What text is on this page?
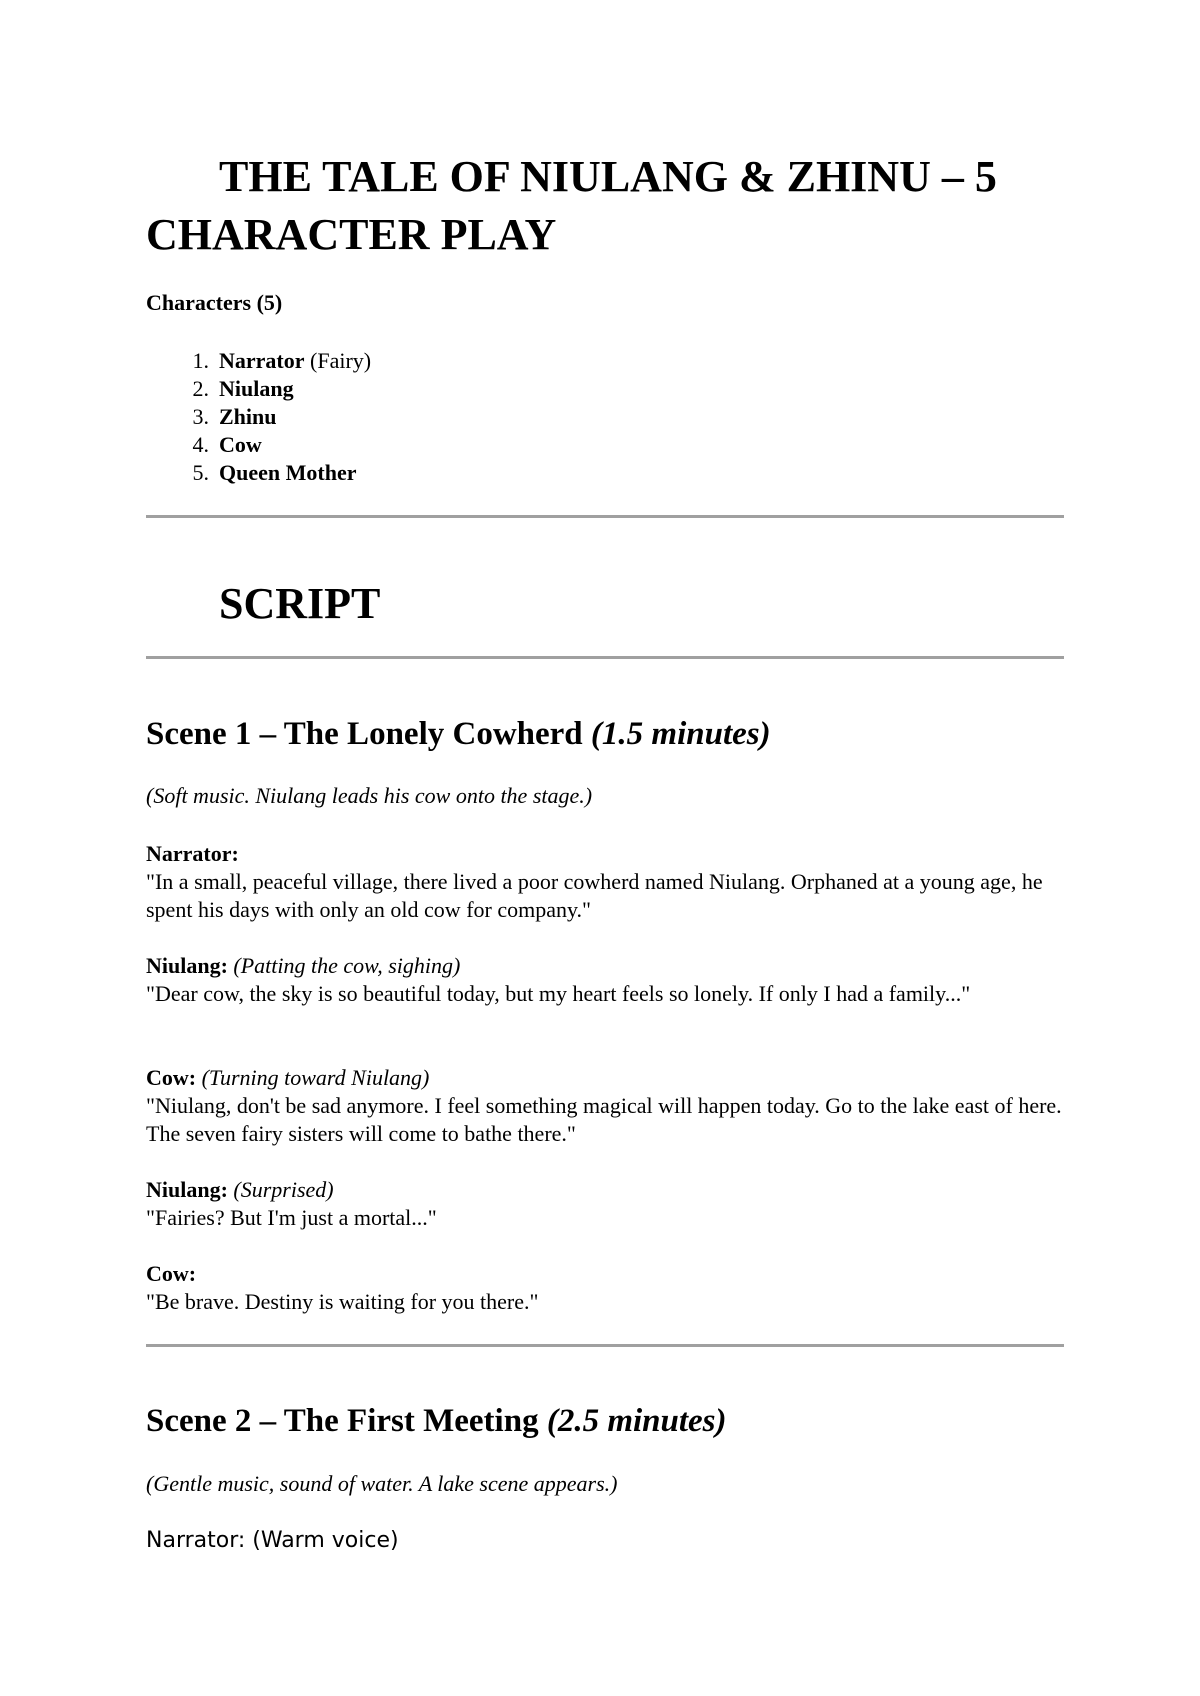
THE TALE OF NIULANG & ZHINU – 5 CHARACTER PLAY

Characters (5)

1. Narrator (Fairy)
2. Niulang
3. Zhinu
4. Cow
5. Queen Mother
SCRIPT
Scene 1 – The Lonely Cowherd (1.5 minutes)

(Soft music. Niulang leads his cow onto the stage.)

Narrator:
"In a small, peaceful village, there lived a poor cowherd named Niulang. Orphaned at a young age, he spent his days with only an old cow for company."

Niulang: (Patting the cow, sighing)
"Dear cow, the sky is so beautiful today, but my heart feels so lonely. If only I had a family..."

Cow: (Turning toward Niulang)
"Niulang, don't be sad anymore. I feel something magical will happen today. Go to the lake east of here. The seven fairy sisters will come to bathe there."

Niulang: (Surprised)
"Fairies? But I'm just a mortal..."

Cow:
"Be brave. Destiny is waiting for you there."

Scene 2 – The First Meeting (2.5 minutes)

(Gentle music, sound of water. A lake scene appears.)

Narrator: (Warm voice)
